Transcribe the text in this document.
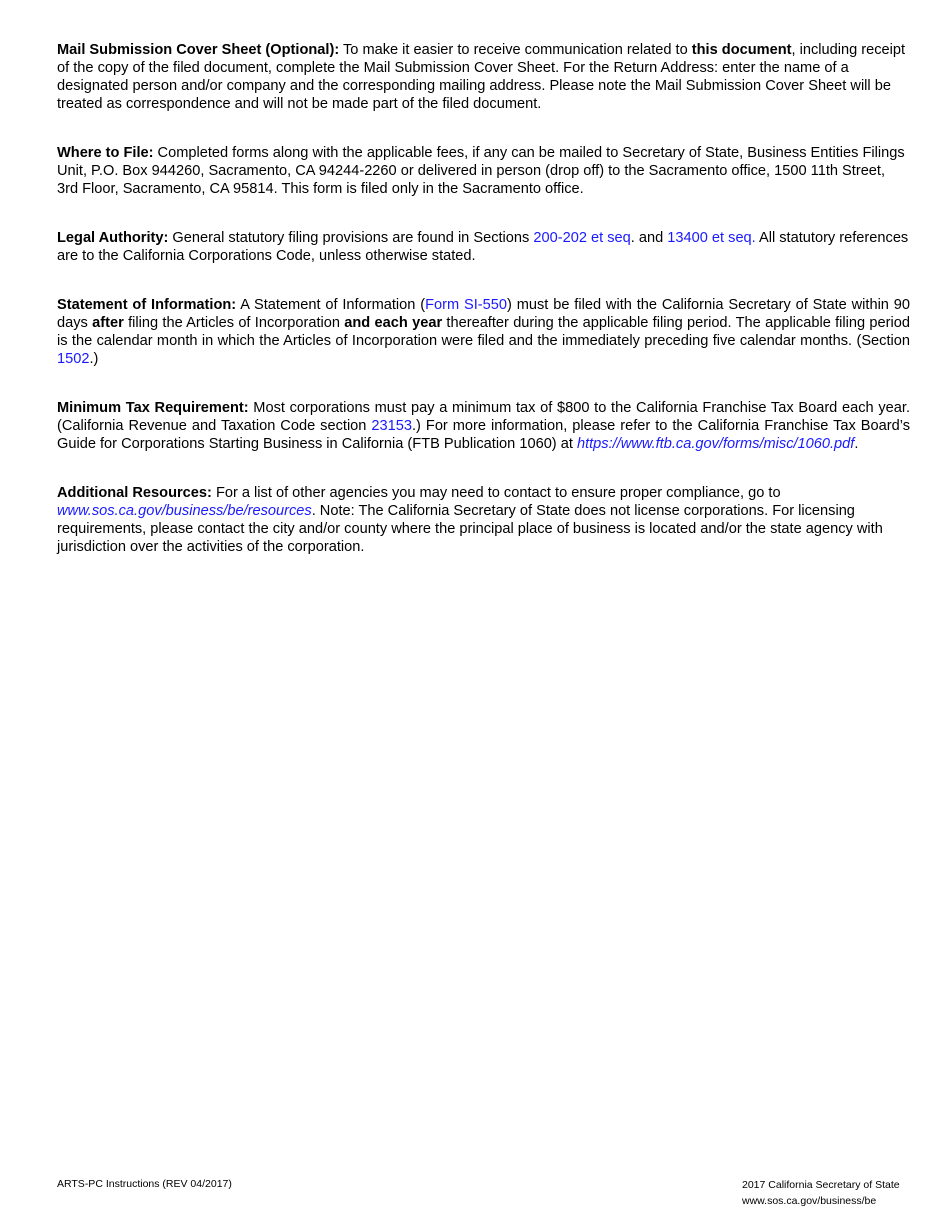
Mail Submission Cover Sheet (Optional): To make it easier to receive communication related to this document, including receipt of the copy of the filed document, complete the Mail Submission Cover Sheet. For the Return Address: enter the name of a designated person and/or company and the corresponding mailing address. Please note the Mail Submission Cover Sheet will be treated as correspondence and will not be made part of the filed document.

Where to File: Completed forms along with the applicable fees, if any can be mailed to Secretary of State, Business Entities Filings Unit, P.O. Box 944260, Sacramento, CA 94244-2260 or delivered in person (drop off) to the Sacramento office, 1500 11th Street, 3rd Floor, Sacramento, CA 95814. This form is filed only in the Sacramento office.

Legal Authority: General statutory filing provisions are found in Sections 200-202 et seq. and 13400 et seq. All statutory references are to the California Corporations Code, unless otherwise stated.

Statement of Information: A Statement of Information (Form SI-550) must be filed with the California Secretary of State within 90 days after filing the Articles of Incorporation and each year thereafter during the applicable filing period. The applicable filing period is the calendar month in which the Articles of Incorporation were filed and the immediately preceding five calendar months. (Section 1502.)

Minimum Tax Requirement: Most corporations must pay a minimum tax of $800 to the California Franchise Tax Board each year. (California Revenue and Taxation Code section 23153.) For more information, please refer to the California Franchise Tax Board’s Guide for Corporations Starting Business in California (FTB Publication 1060) at https://www.ftb.ca.gov/forms/misc/1060.pdf.

Additional Resources: For a list of other agencies you may need to contact to ensure proper compliance, go to www.sos.ca.gov/business/be/resources. Note: The California Secretary of State does not license corporations. For licensing requirements, please contact the city and/or county where the principal place of business is located and/or the state agency with jurisdiction over the activities of the corporation.

ARTS-PC Instructions (REV 04/2017)	2017 California Secretary of State
www.sos.ca.gov/business/be
